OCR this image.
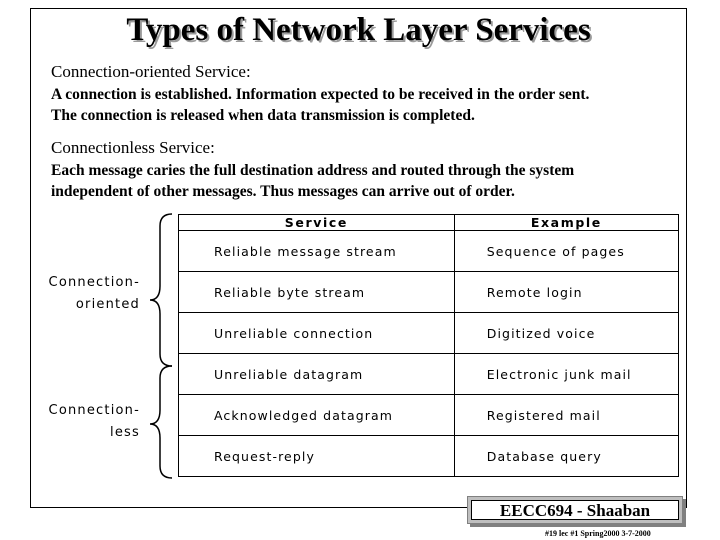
Types of Network Layer Services
Connection-oriented Service:
A connection is established. Information expected to be received in the order sent.
The connection is released when data transmission is completed.
Connectionless Service:
Each message caries the full destination address and routed through the system
independent of other messages. Thus messages can arrive out of order.
Connection-
oriented
Connection-
less
Service	Example
Reliable message stream	Sequence of pages
Reliable byte stream	Remote login
Unreliable connection	Digitized voice
Unreliable datagram	Electronic junk mail
Acknowledged datagram	Registered mail
Request-reply	Database query
EECC694 - Shaaban
#19 lec #1 Spring2000 3-7-2000
